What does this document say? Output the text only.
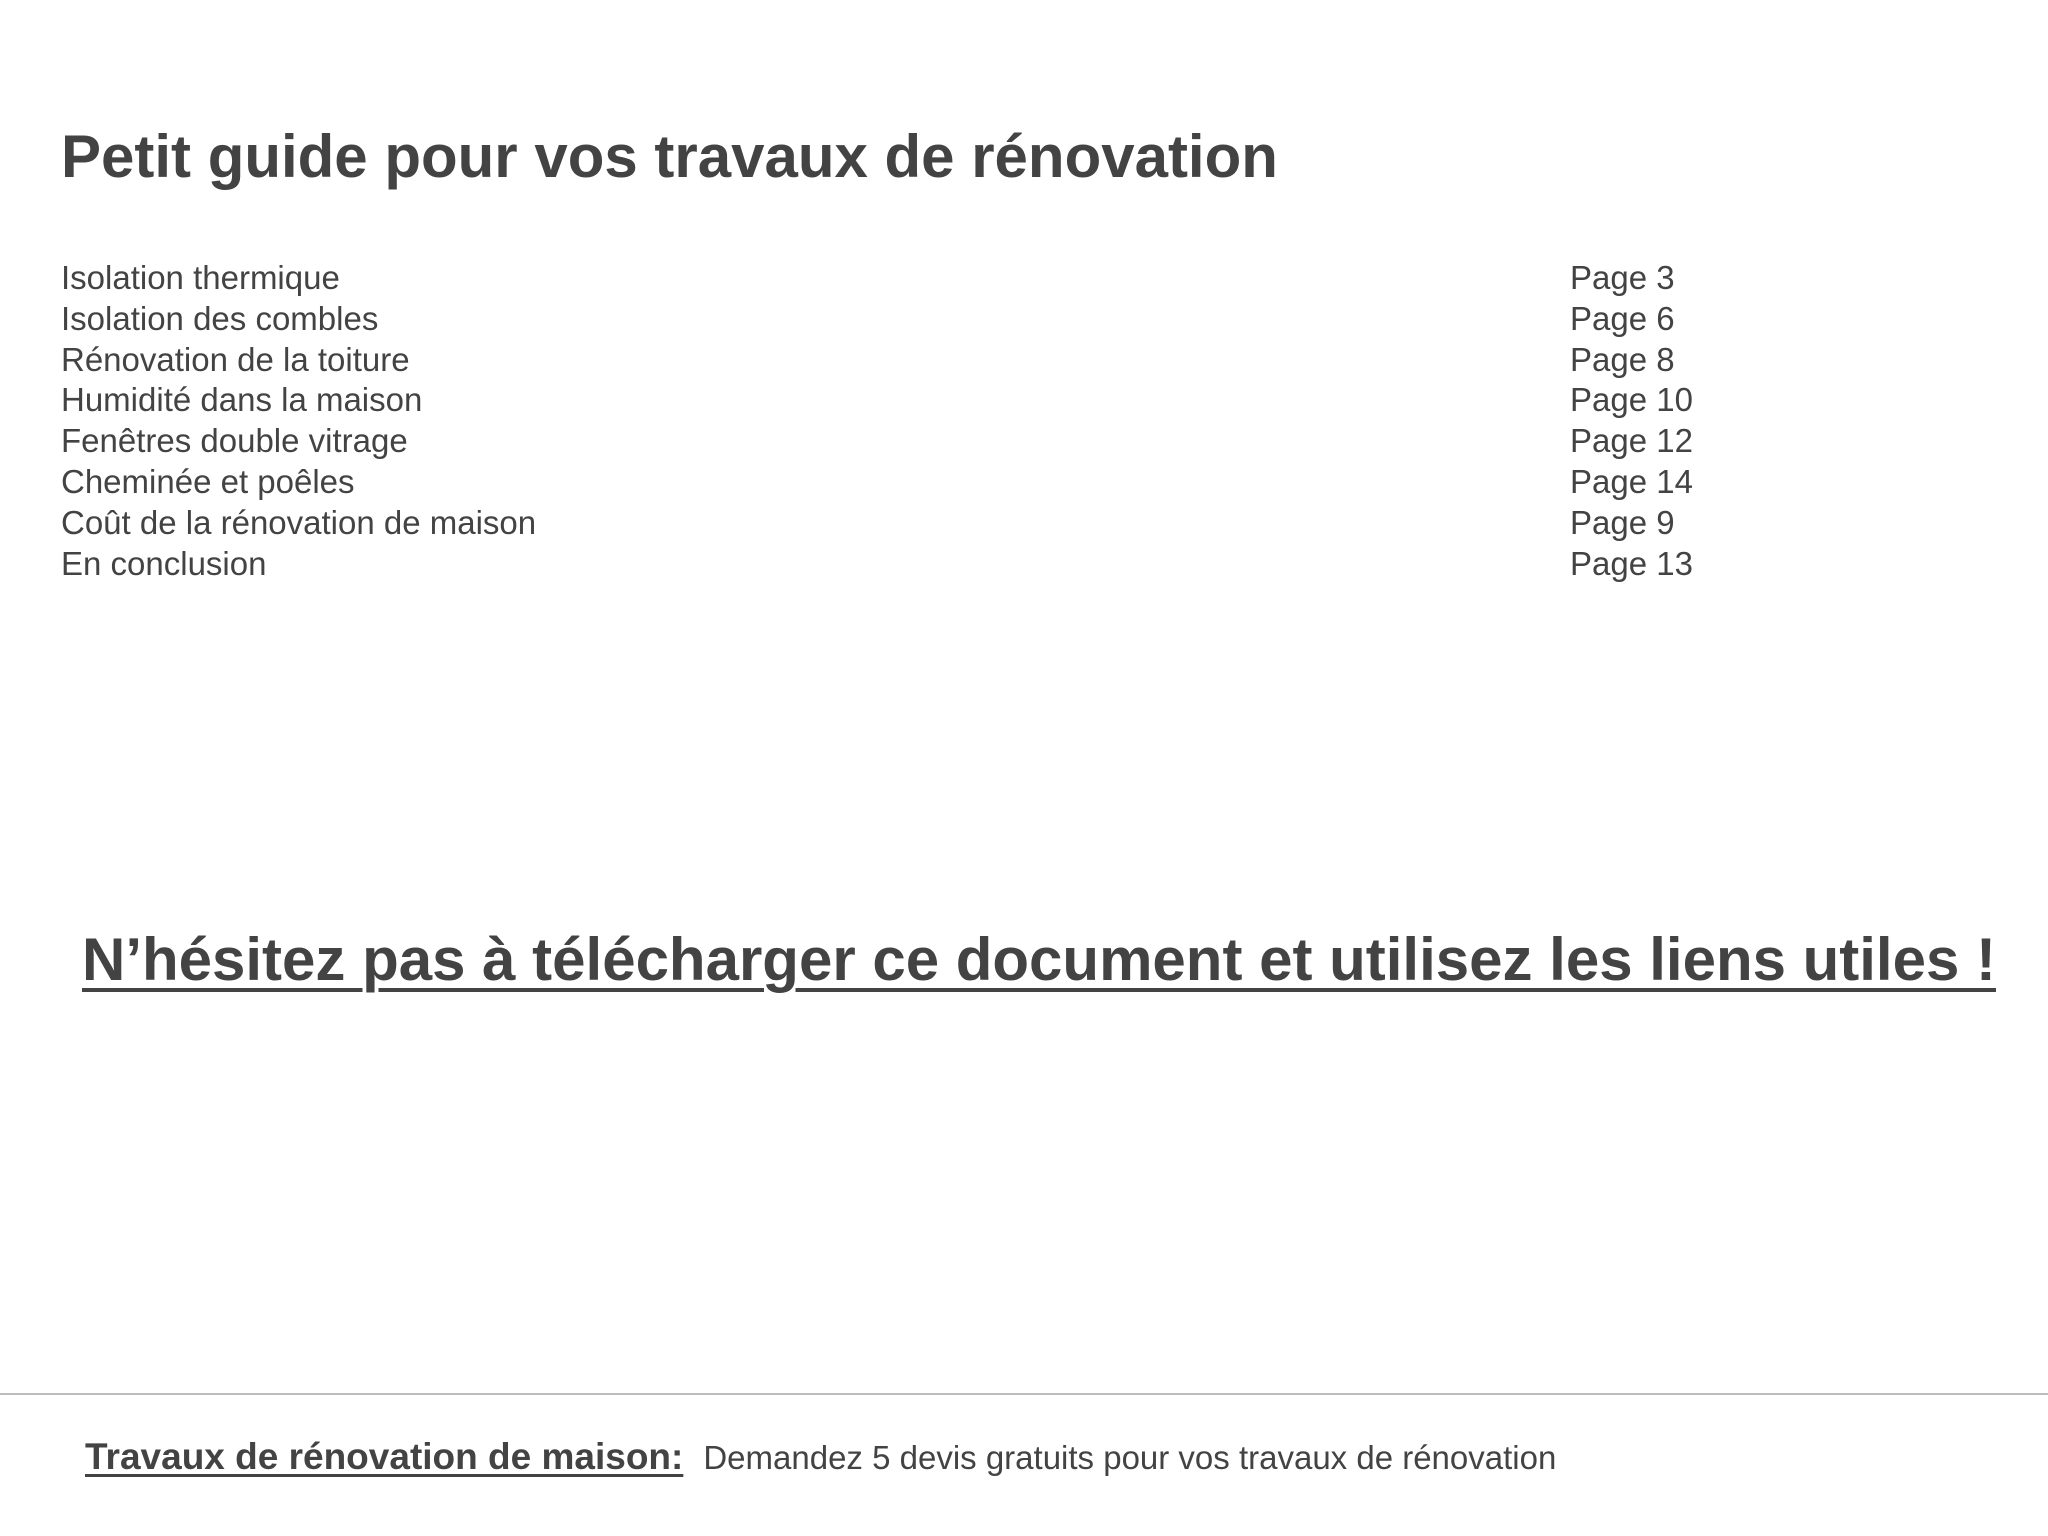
Petit guide pour vos travaux de rénovation
Isolation thermique	Page 3
Isolation des combles	Page 6
Rénovation de la toiture	Page 8
Humidité dans la maison	Page 10
Fenêtres double vitrage	Page 12
Cheminée et poêles	Page 14
Coût de la rénovation de maison	Page 9
En conclusion	Page 13
N’hésitez pas à télécharger ce document et utilisez les liens utiles !
Travaux de rénovation de maison: Demandez 5 devis gratuits pour vos travaux de rénovation
